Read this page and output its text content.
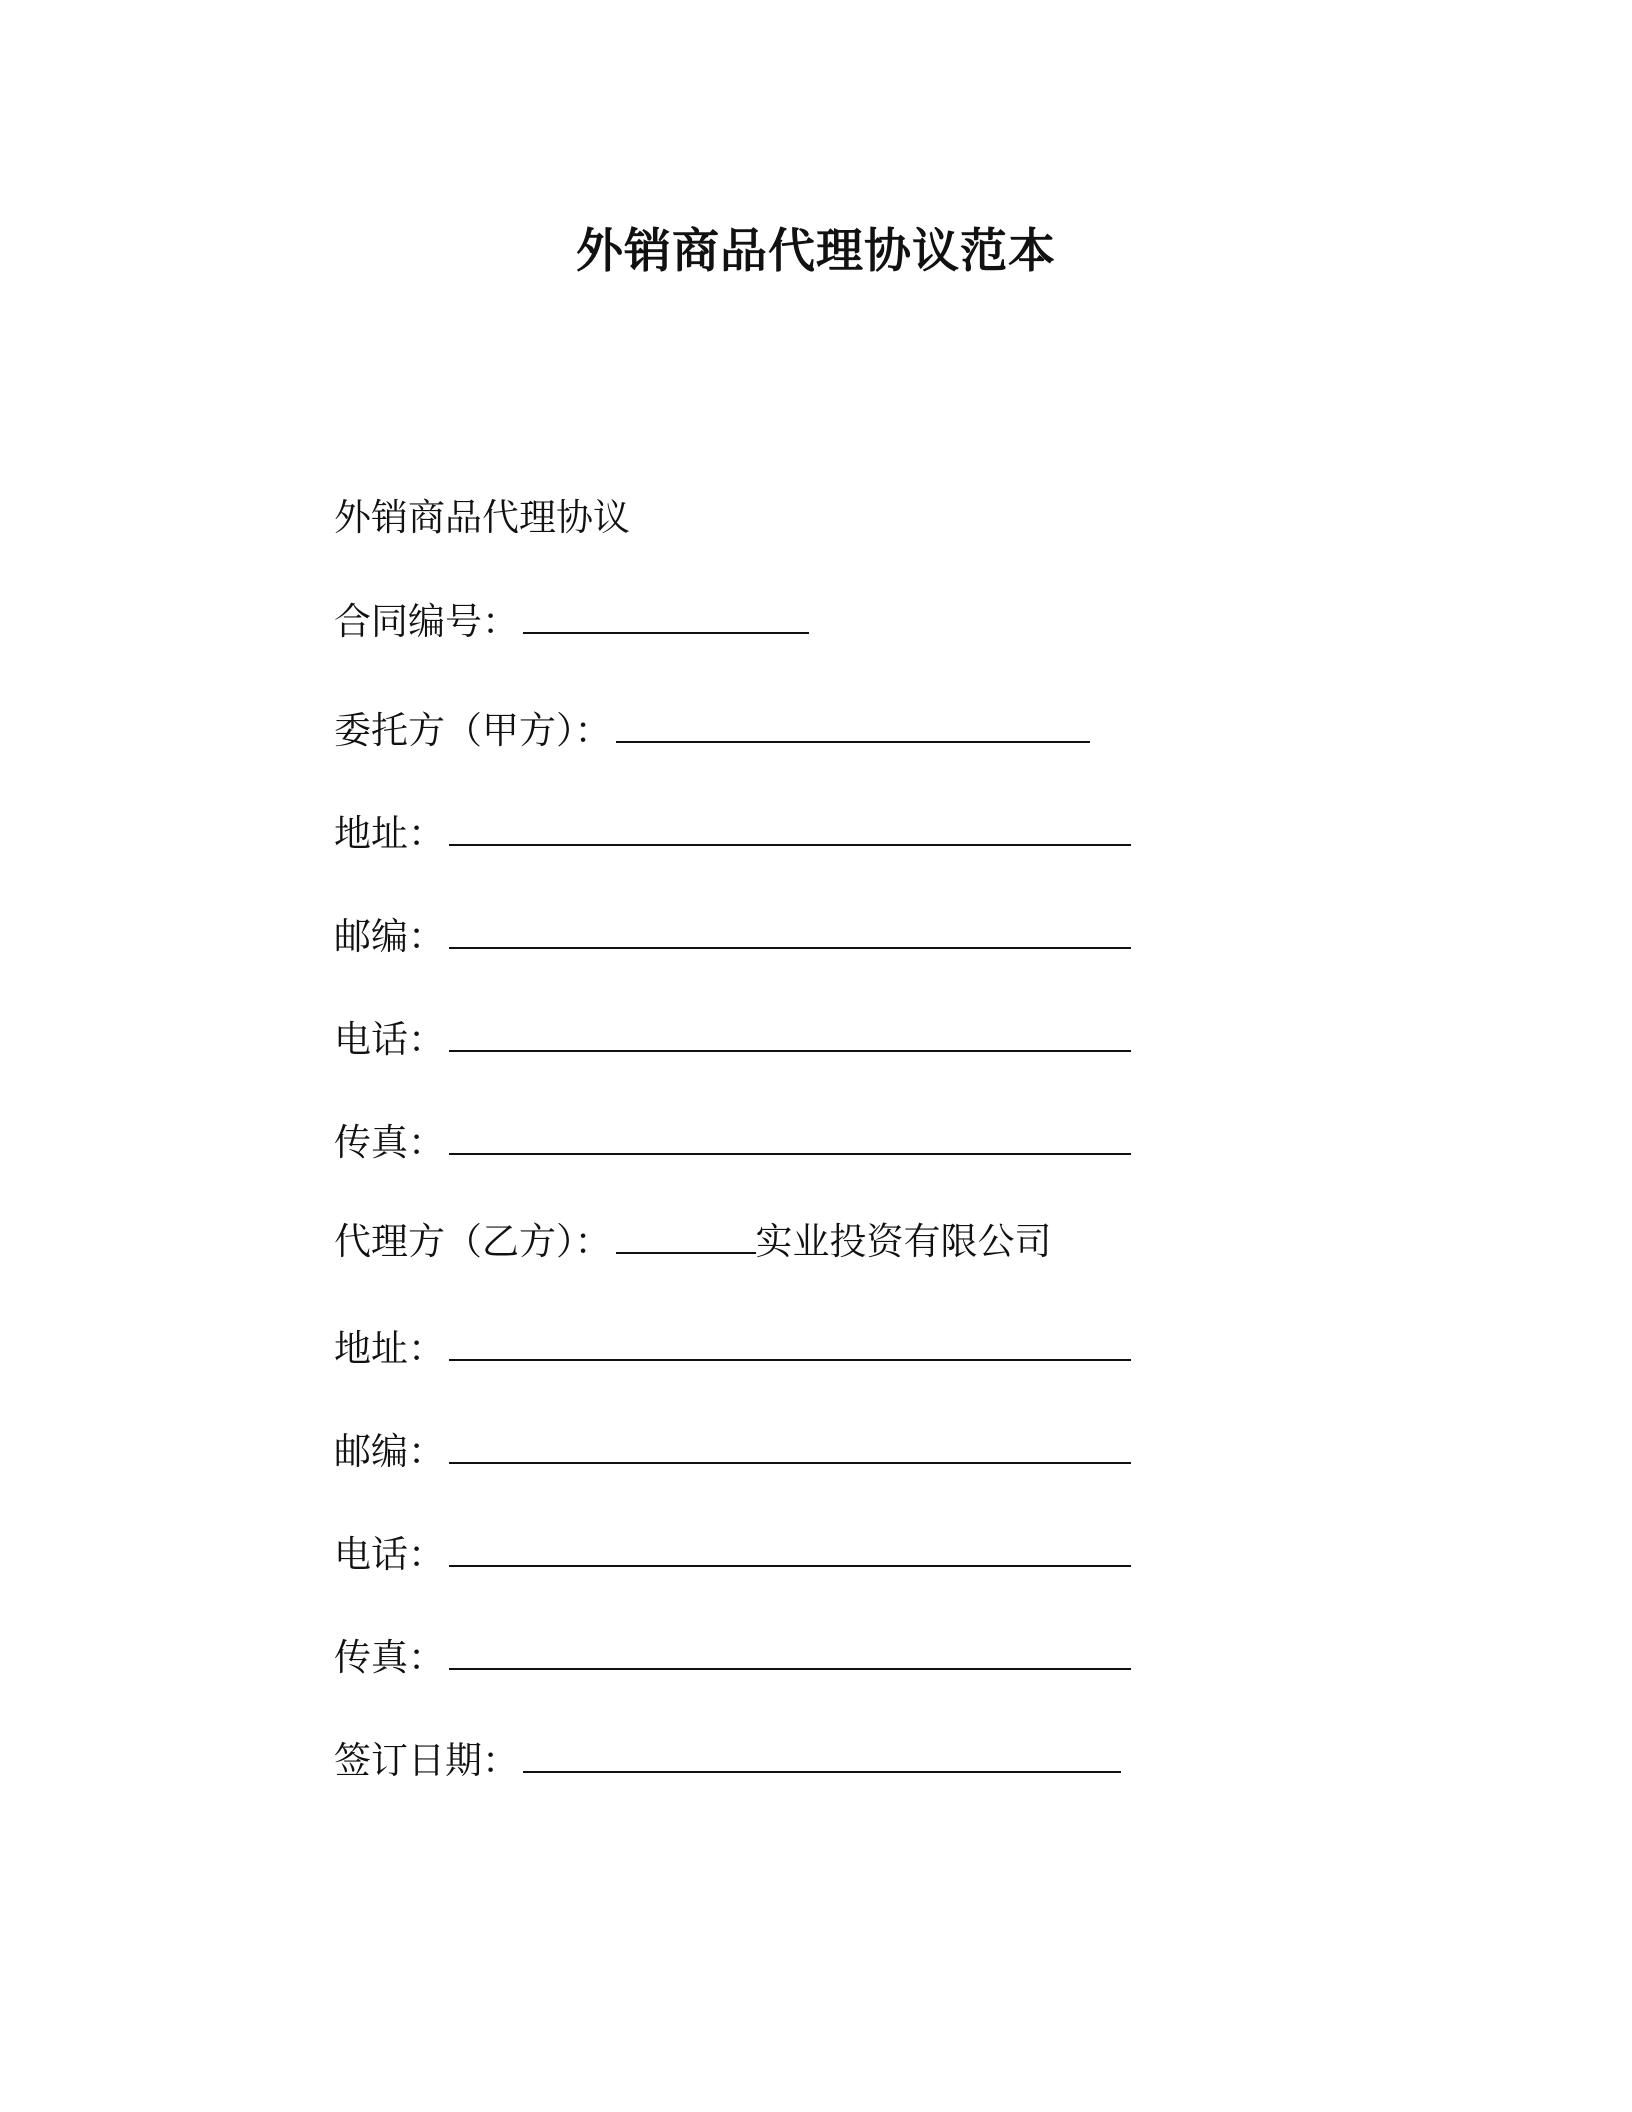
外销商品代理协议范本
外销商品代理协议
合同编号：
委托方（甲方）：
地址：
邮编：
电话：
传真：
代理方（乙方）：	实业投资有限公司
地址：
邮编：
电话：
传真：
签订日期：
